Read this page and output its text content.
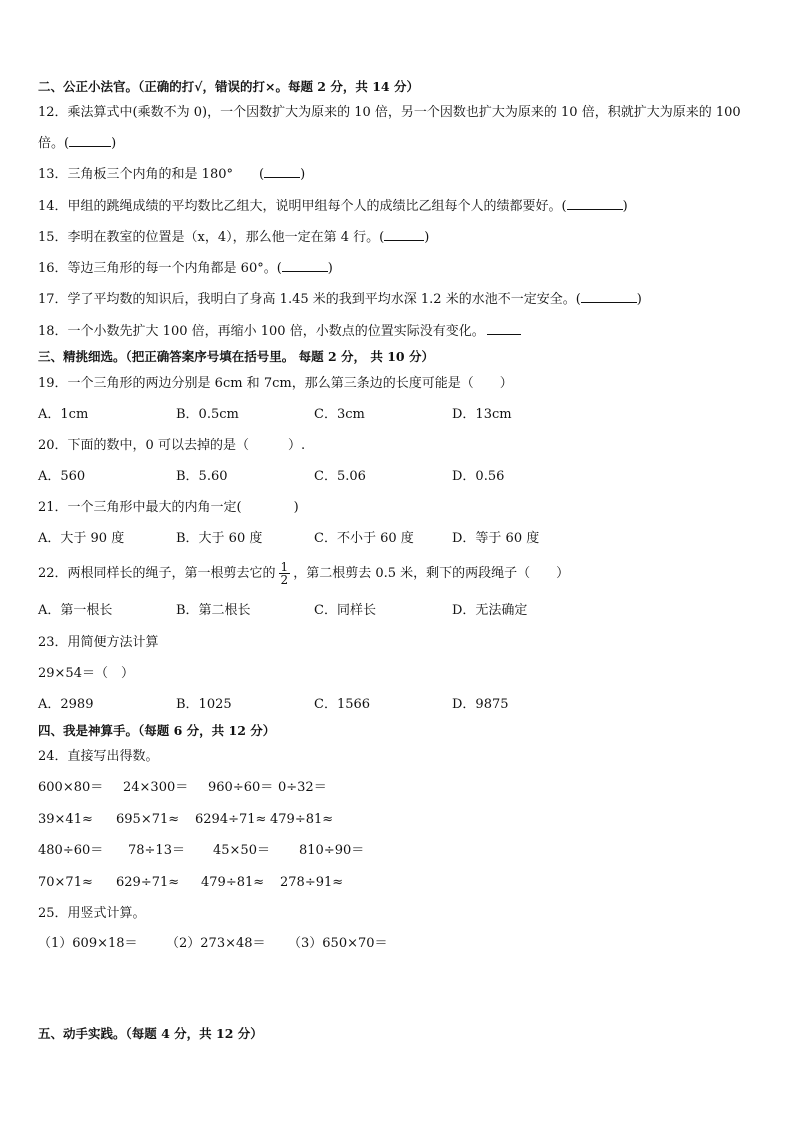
二、公正小法官。（正确的打√，错误的打×。每题 2 分，共 14 分）
12．乘法算式中(乘数不为 0)，一个因数扩大为原来的 10 倍，另一个因数也扩大为原来的 10 倍，积就扩大为原来的 100
倍。(	)
13．三角板三个内角的和是 180°　　(	)
14．甲组的跳绳成绩的平均数比乙组大，说明甲组每个人的成绩比乙组每个人的绩都要好。(	)
15．李明在教室的位置是（x，4），那么他一定在第 4 行。(	)
16．等边三角形的每一个内角都是 60°。(	)
17．学了平均数的知识后，我明白了身高 1.45 米的我到平均水深 1.2 米的水池不一定安全。(	)
18．一个小数先扩大 100 倍，再缩小 100 倍，小数点的位置实际没有变化。
三、精挑细选。（把正确答案序号填在括号里。 每题 2 分， 共 10 分）
19．一个三角形的两边分别是 6cm 和 7cm，那么第三条边的长度可能是（　　）
A．1cm	B．0.5cm	C．3cm	D．13cm
20．下面的数中，0 可以去掉的是（　　　）.
A．560	B．5.60	C．5.06	D．0.56
21．一个三角形中最大的内角一定(　　　　)
A．大于 90 度	B．大于 60 度	C．不小于 60 度	D．等于 60 度
22．两根同样长的绳子，第一根剪去它的 $\frac{1}{2}$ ，第二根剪去 0.5 米，剩下的两段绳子（　　）
A．第一根长	B．第二根长	C．同样长	D．无法确定
23．用简便方法计算
29×54＝（　）
A．2989	B．1025	C．1566	D．9875
四、我是神算手。（每题 6 分，共 12 分）
24．直接写出得数。
600×80＝ 24×300＝ 960÷60＝ 0÷32＝
39×41≈ 695×71≈ 6294÷71≈ 479÷81≈
480÷60＝ 78÷13＝ 45×50＝ 810÷90＝
70×71≈ 629÷71≈ 479÷81≈ 278÷91≈
25．用竖式计算。
（1）609×18＝ （2）273×48＝ （3）650×70＝
五、动手实践。（每题 4 分，共 12 分）
